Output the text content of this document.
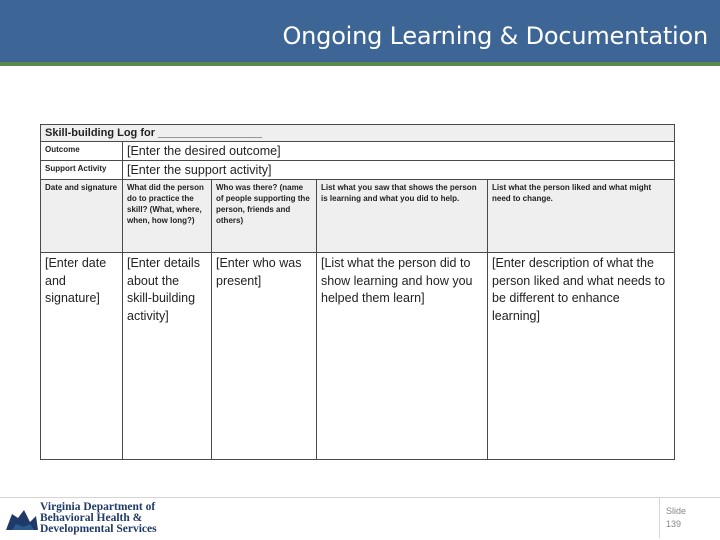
Ongoing Learning & Documentation
Skill-building Log for _________________				
Outcome	[Enter the desired outcome]			
Support Activity	[Enter the support activity]			
Date and signature	What did the person do to practice the skill? (What, where, when, how long?)	Who was there? (name of people supporting the person, friends and others)	List what you saw that shows the person is learning and what you did to help.	List what the person liked and what might need to change.
[Enter date and signature]	[Enter details about the skill-building activity]	[Enter who was present]	[List what the person did to show learning and how you helped them learn]	[Enter description of what the person liked and what needs to be different to enhance learning]
Virginia Department of
Behavioral Health &
Developmental Services
Slide
139
